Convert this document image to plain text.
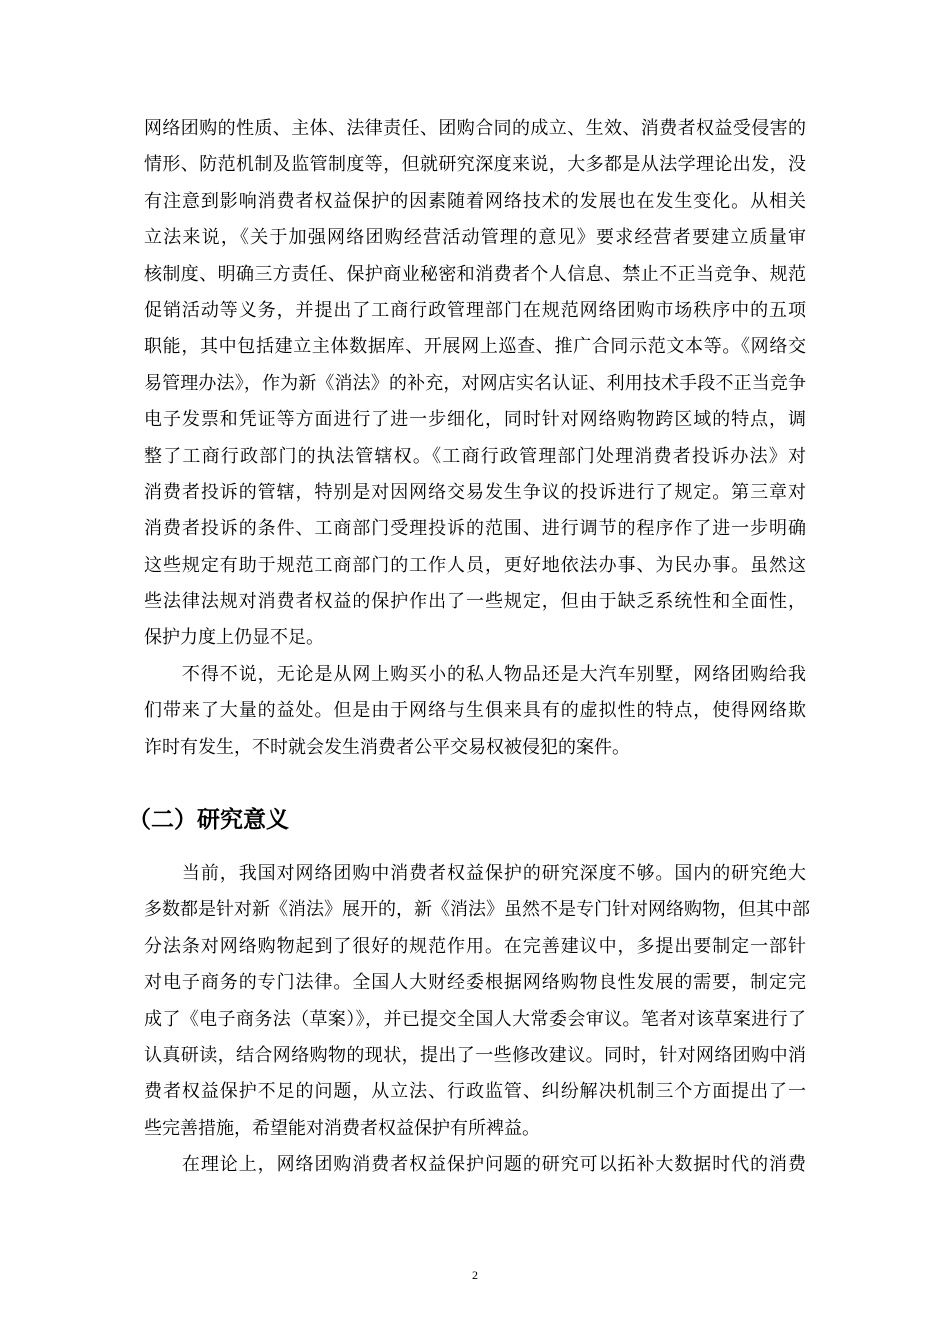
网络团购的性质、主体、法律责任、团购合同的成立、生效、消费者权益受侵害的
情形、防范机制及监管制度等，但就研究深度来说，大多都是从法学理论出发，没
有注意到影响消费者权益保护的因素随着网络技术的发展也在发生变化。从相关
立法来说，《关于加强网络团购经营活动管理的意见》要求经营者要建立质量审
核制度、明确三方责任、保护商业秘密和消费者个人信息、禁止不正当竞争、规范
促销活动等义务，并提出了工商行政管理部门在规范网络团购市场秩序中的五项
职能，其中包括建立主体数据库、开展网上巡查、推广合同示范文本等。《网络交
易管理办法》，作为新《消法》的补充，对网店实名认证、利用技术手段不正当竞争
电子发票和凭证等方面进行了进一步细化，同时针对网络购物跨区域的特点，调
整了工商行政部门的执法管辖权。《工商行政管理部门处理消费者投诉办法》对
消费者投诉的管辖，特别是对因网络交易发生争议的投诉进行了规定。第三章对
消费者投诉的条件、工商部门受理投诉的范围、进行调节的程序作了进一步明确
这些规定有助于规范工商部门的工作人员，更好地依法办事、为民办事。虽然这
些法律法规对消费者权益的保护作出了一些规定，但由于缺乏系统性和全面性，
保护力度上仍显不足。
　　不得不说，无论是从网上购买小的私人物品还是大汽车别墅，网络团购给我
们带来了大量的益处。但是由于网络与生俱来具有的虚拟性的特点，使得网络欺
诈时有发生，不时就会发生消费者公平交易权被侵犯的案件。
（二）研究意义
　　当前，我国对网络团购中消费者权益保护的研究深度不够。国内的研究绝大
多数都是针对新《消法》展开的，新《消法》虽然不是专门针对网络购物，但其中部
分法条对网络购物起到了很好的规范作用。在完善建议中，多提出要制定一部针
对电子商务的专门法律。全国人大财经委根据网络购物良性发展的需要，制定完
成了《电子商务法（草案）》，并已提交全国人大常委会审议。笔者对该草案进行了
认真研读，结合网络购物的现状，提出了一些修改建议。同时，针对网络团购中消
费者权益保护不足的问题，从立法、行政监管、纠纷解决机制三个方面提出了一
些完善措施，希望能对消费者权益保护有所裨益。
　　在理论上，网络团购消费者权益保护问题的研究可以拓补大数据时代的消费
2
